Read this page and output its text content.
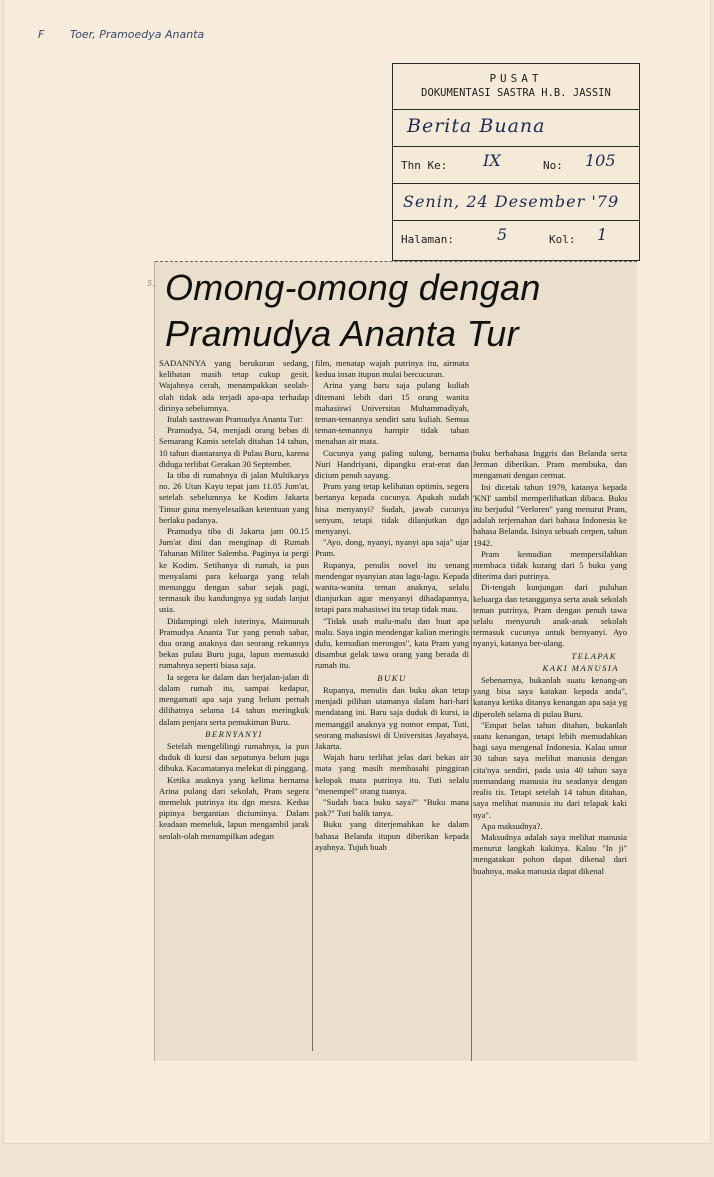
F Toer, Pramoedya Ananta
PUSAT
DOKUMENTASI SASTRA H.B. JASSIN
Berita Buana
Thn Ke: IX	No: 105
Senin, 24 Desember '79
Halaman:	5	Kol: 1
5. Omong-omong dengan
Pramudya Ananta Tur

SADANNYA yang berukuran sedang, kelihatan masih tetap cukup gesit. Wajahnya cerah, menampakkan seolah-olah tidak ada terjadi apa-apa terhadap dirinya sebelumnya.

Itulah sastrawan Pramudya Ananta Tur:

Pramudya, 54, menjadi orang bebas di Semarang Kamis setelah ditahan 14 tahun, 10 tahun diantaranya di Pulau Buru, karena diduga terlibat Gerakan 30 September.

Ia tiba di rumahnya di jalan Multikarya no. 26 Utan Kayu tepat jam 11.05 Jum'at, setelah sebelumnya ke Kodim Jakarta Timur guna menyelesaikan ketentuan yang berlaku padanya.

Pramudya tiba di Jakarta jam 00.15 Jum'at dini dan menginap di Rumah Tahanan Militer Salemba. Paginya ia pergi ke Kodim. Setibanya di rumah, ia pun menyalami para keluarga yang telah menunggu dengan sabar sejak pagi, termasuk ibu kandungnya yg sudah lanjut usia.

Didampingi oleh isterinya, Maimunah Pramudya Ananta Tur yang penuh sabar, dua orang anaknya dan seorang rekannya bekas pulau Buru juga, lapun memasuki rumahnya seperti biasa saja.

Ia segera ke dalam dan berjalan-jalan di dalam rumah itu, sampai kedapur, mengamati apa saja yang belum pernah dilihatnya selama 14 tahun meringkuk dalam penjara serta pemukiman Buru.

BERNYANYI

Setelah mengelilingi rumahnya, ia pun duduk di kursi dan sepatunya belum juga dibuka. Kacamatanya melekat di pinggang.

Ketika anaknya yang kelima bernama Arina pulang dari sekolah, Pram segera memeluk putrinya itu dgn mesra. Kedua pipinya bergantian diciuminya. Dalam keadaan memeluk, lapun mengambil jarak seolah-olah menampilkan adegan

film, menatap wajah putrinya itu, airmata kedua insan itupun mulai bercucuran.

Arina yang baru saja pulang kuliah ditemani lebih dari 15 orang wanita mahasiswi Universitas Muhammadiyah, teman-temannya sendiri satu kuliah. Semua teman-temannya hampir tidak tahan menahan air mata.

Cucunya yang paling sulung, bernama Nuri Handriyani, dipangku erat-erat dan dicium penuh sayang.

Pram yang tetap kelihatan optimis, segera bertanya kepada cucunya. Apakah sudah bisa menyanyi? Sudah, jawab cucunya senyum, tetapi tidak dilanjutkan dgn menyanyi.

"Ayo, dong, nyanyi, nyanyi apa saja" ujar Pram.

Rupanya, penulis novel itu senang mendengar nyanyian atau lagu-lagu. Kepada wanita-wanita teman anaknya, selalu dianjurkan agar menyanyi dihadapannya, tetapi para mahasiswi itu tetap tidak mau.

"Tidak usah malu-malu dan buat apa malu. Saya ingin mendengar kalian meringis dulu, kemudian merongos", kata Pram yang disambut gelak tawa orang yang berada di rumah itu.

BUKU

Rupanya, menulis dan buku akan tetap menjadi pilihan utamanya dalam hari-hari mendatang ini. Baru saja duduk di kursi, ia memanggil anaknya yg nomor empat, Tuti, seorang mahasiswi di Universitas Jayabaya, Jakarta.

Wajah haru terlihat jelas dari bekas air mata yang masih membasahi pinggiran kelopak mata putrinya itu. Tuti selalu "menempel" orang tuanya.

"Sudah baca buku saya?" "Buku mana pak?" Tuti balik tanya.

Buku yang diterjemahkan ke dalam bahasa Belanda itupun diberikan kepada ayahnya. Tujuh buah

buku berbahasa Inggris dan Belanda serta Jerman diberikan. Pram membuka, dan mengamati dengan cermat.

Ini dicetak tahun 1979, katanya kepada 'KNI' sambil memperlihatkan dibaca. Buku itu berjudul "Verloren" yang menurut Pram, adalah terjemahan dari bahasa Indonesia ke bahasa Belanda. Isinya sebuah cerpen, tahun 1942.

Pram kemudian mempersilahkan membaca tidak kurang dari 5 buku yang diterima dari putrinya.

Di-tengah kunjungan dari puluhan keluarga dan tetangganya serta anak sekolah teman putrinya, Pram dengan penuh tawa selalu menyuruh anak-anak sekolah termasuk cucunya untuk bernyanyi. Ayo nyanyi, katanya ber-ulang.

TELAPAK

KAKI MANUSIA

Sebenarnya, bukanlah suatu kenang-an yang bisa saya katakan kepada anda", katanya ketika ditanya kenangan apa saja yg diperoleh selama di pulau Buru.

"Empat belas tahun ditahan, bukanlah suatu kenangan, tetapi lebih memudahkan bagi saya mengenal Indonesia. Kalau umur 30 tahun saya melihat manusia dengan cita'nya sendiri, pada usia 40 tahun saya memandang manusia itu seadanya dengan realis tis. Tetapi setelah 14 tahun ditahan, saya melihat manusia itu dari telapak kaki nya".

Apa maksudnya?.

Maksudnya adalah saya melihat manusia menurut langkah kakinya. Kalau "In ji" mengatakan pohon dapat dikenal dari buahnya, maka manusia dapat dikenal
